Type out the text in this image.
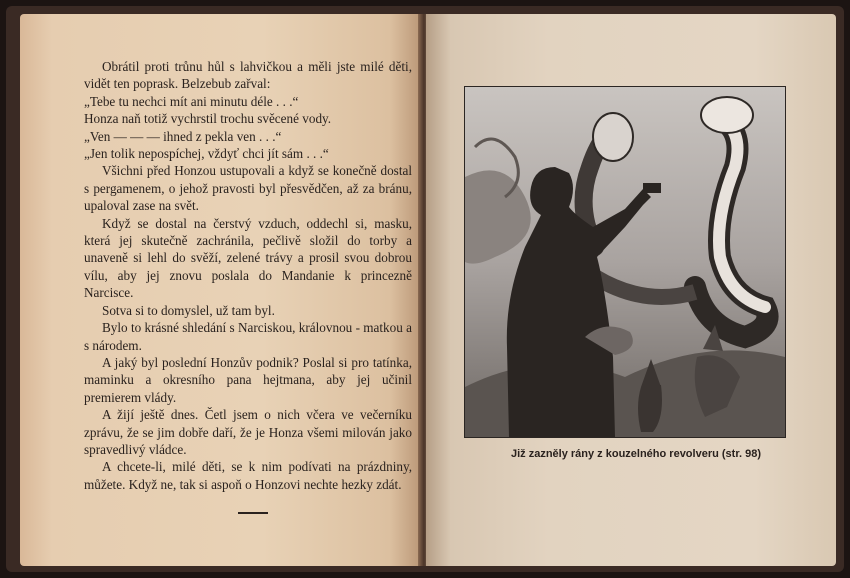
Obrátil proti trůnu hůl s lahvičkou a měli jste milé děti, vidět ten poprask. Belzebub zařval:

„Tebe tu nechci mít ani minutu déle . . .“

Honza naň totiž vychrstil trochu svěcené vody.

„Ven — — — ihned z pekla ven . . .“

„Jen tolik nepospíchej, vždyť chci jít sám . . .“

Všichni před Honzou ustupovali a když se konečně dostal s pergamenem, o jehož pravosti byl přesvědčen, až za bránu, upaloval zase na svět.

Když se dostal na čerstvý vzduch, oddechl si, masku, která jej skutečně zachránila, pečlivě složil do torby a unaveně si lehl do svěží, zelené trávy a prosil svou dobrou vílu, aby jej znovu poslala do Mandanie k princezně Narcisce.

Sotva si to domyslel, už tam byl.

Bylo to krásné shledání s Narciskou, královnou - matkou a s národem.

A jaký byl poslední Honzův podnik? Poslal si pro tatínka, maminku a okresního pana hejtmana, aby jej učinil premierem vlády.

A žijí ještě dnes. Četl jsem o nich včera ve večerníku zprávu, že se jim dobře daří, že je Honza všemi milován jako spravedlivý vládce.

A chcete-li, milé děti, se k nim podívati na prázdniny, můžete. Když ne, tak si aspoň o Honzovi nechte hezky zdát.

Již zazněly rány z kouzelného revolveru (str. 98)
